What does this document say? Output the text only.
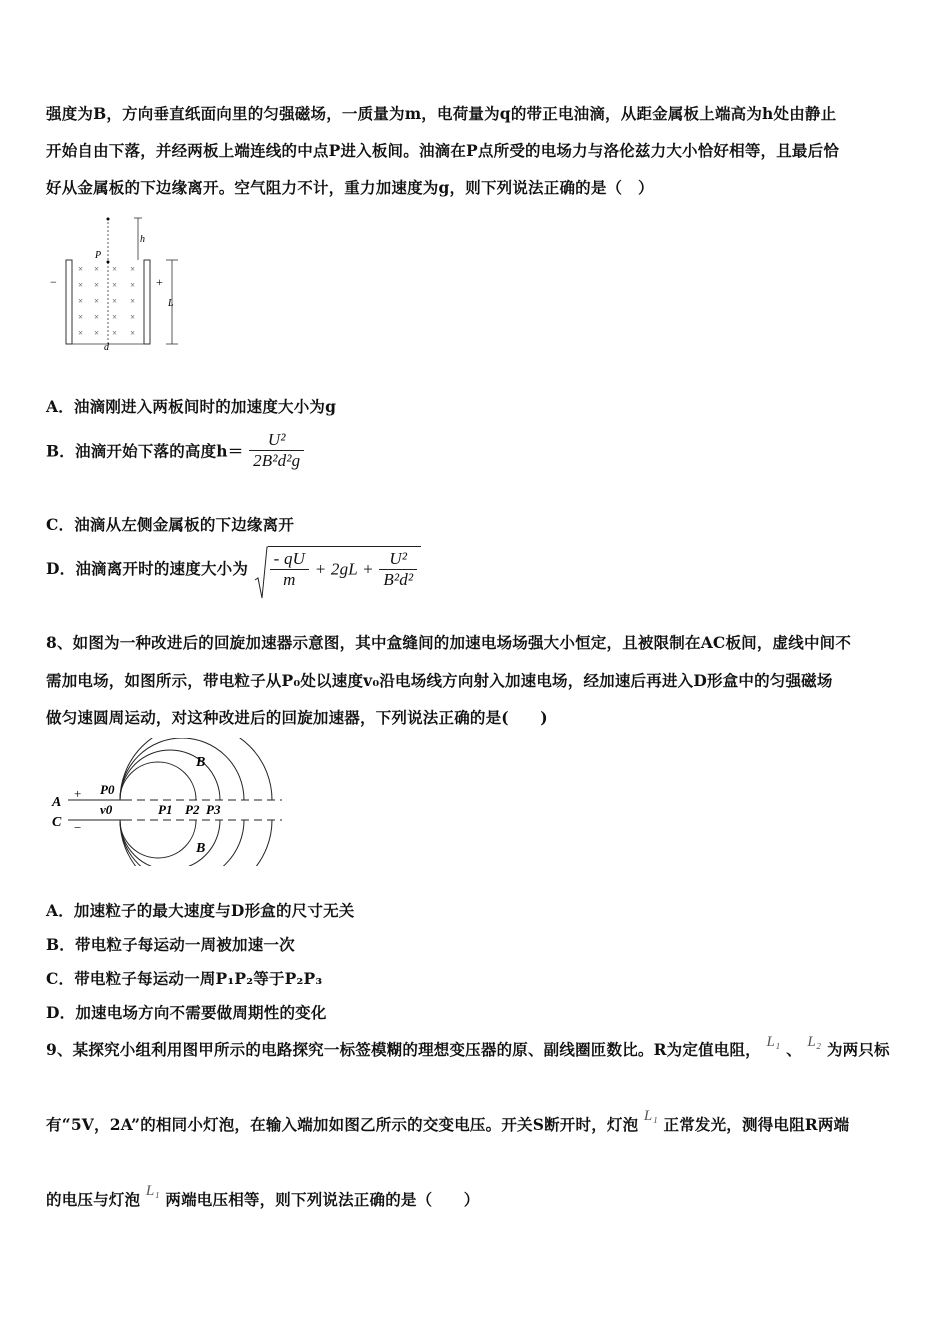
强度为B，方向垂直纸面向里的匀强磁场，一质量为m，电荷量为q的带正电油滴，从距金属板上端高为h处由静止
开始自由下落，并经两板上端连线的中点P进入板间。油滴在P点所受的电场力与洛伦兹力大小恰好相等，且最后恰
好从金属板的下边缘离开。空气阻力不计，重力加速度为g，则下列说法正确的是（　）
−	+
P
h
L
d
× × × ×
× × × ×
× × × ×
× × × ×
× × × ×
A．油滴刚进入两板间时的加速度大小为g
B．油滴开始下落的高度$h= \frac{\text{U²}}{\text{2B²d²g}}$
C．油滴从左侧金属板的下边缘离开
D．油滴离开时的速度大小为 $\frac{- qU}{m} + 2gL + \frac{\text{U²}}{\text{B²d²}}$
8、如图为一种改进后的回旋加速器示意图，其中盒缝间的加速电场场强大小恒定，且被限制在AC板间，虚线中间不
需加电场，如图所示，带电粒子从P₀处以速度v₀沿电场线方向射入加速电场，经加速后再进入D形盒中的匀强磁场
做匀速圆周运动，对这种改进后的回旋加速器，下列说法正确的是(　　)
A
C
+
−
P0
v0	P1 P2 P3
B
B
A．加速粒子的最大速度与D形盒的尺寸无关
B．带电粒子每运动一周被加速一次
C．带电粒子每运动一周P₁P₂等于P₂P₃
D．加速电场方向不需要做周期性的变化
9、某探究小组利用图甲所示的电路探究一标签模糊的理想变压器的原、副线圈匝数比。R为定值电阻， L₁ 、 L₂ 为两只标
有“5V，2A”的相同小灯泡，在输入端加如图乙所示的交变电压。开关S断开时，灯泡 L₁ 正常发光，测得电阻R两端
的电压与灯泡 L₁ 两端电压相等，则下列说法正确的是（　　）
